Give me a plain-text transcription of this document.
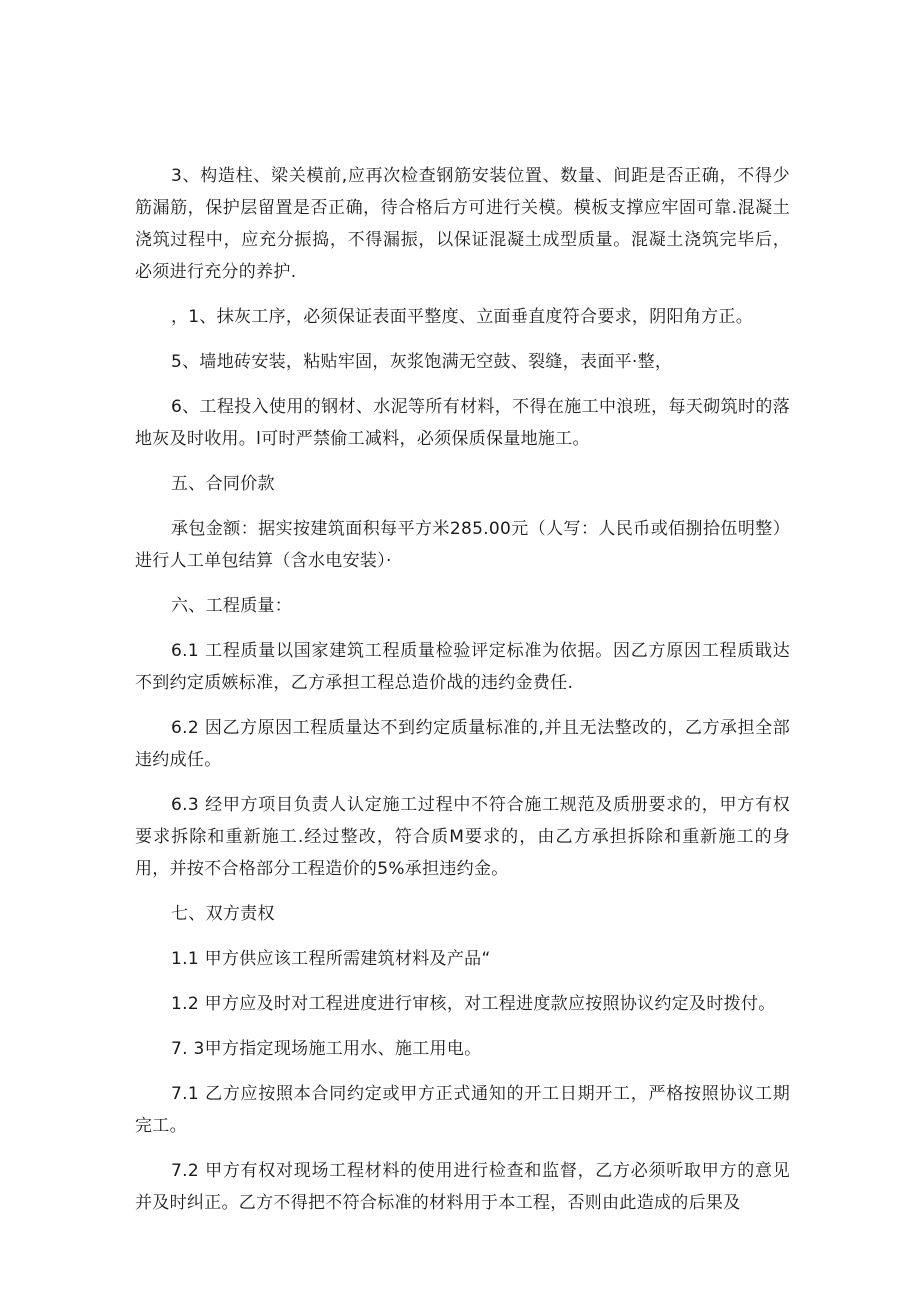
3、构造柱、梁关模前,应再次检查钢筋安装位置、数量、间距是否正确，不得少筋漏筋，保护层留置是否正确，待合格后方可进行关模。模板支撑应牢固可靠.混凝土浇筑过程中，应充分振捣，不得漏振，以保证混凝土成型质量。混凝土浇筑完毕后，必须进行充分的养护.

，1、抹灰工序，必须保证表面平整度、立面垂直度符合要求，阴阳角方正。

5、墙地砖安装，粘贴牢固，灰浆饱满无空鼓、裂缝，表面平·整，

6、工程投入使用的钢材、水泥等所有材料，不得在施工中浪班，每天砌筑时的落地灰及时收用。l可时严禁偷工减料，必须保质保量地施工。

五、合同价款

承包金额：据实按建筑面积每平方米285.00元（人写：人民币或佰捌拾伍明整）进行人工单包结算（含水电安装）·

六、工程质量：

6.1 工程质量以国家建筑工程质量检验评定标准为依据。因乙方原因工程质戢达不到约定质嫉标准，乙方承担工程总造价战的违约金费任.

6.2 因乙方原因工程质量达不到约定质量标准的,并且无法整改的，乙方承担全部违约成任。

6.3 经甲方项目负责人认定施工过程中不符合施工规范及质册要求的，甲方有权要求拆除和重新施工.经过整改，符合质M要求的，由乙方承担拆除和重新施工的身用，并按不合格部分工程造价的5%承担违约金。

七、双方责权

1.1 甲方供应该工程所需建筑材料及产品“

1.2 甲方应及时对工程进度进行审核，对工程进度款应按照协议约定及时拨付。

7. 3甲方指定现场施工用水、施工用电。

7.1 乙方应按照本合同约定或甲方正式通知的开工日期开工，严格按照协议工期完工。

7.2 甲方有权对现场工程材料的使用进行检查和监督，乙方必须听取甲方的意见并及时纠正。乙方不得把不符合标准的材料用于本工程，否则由此造成的后果及
